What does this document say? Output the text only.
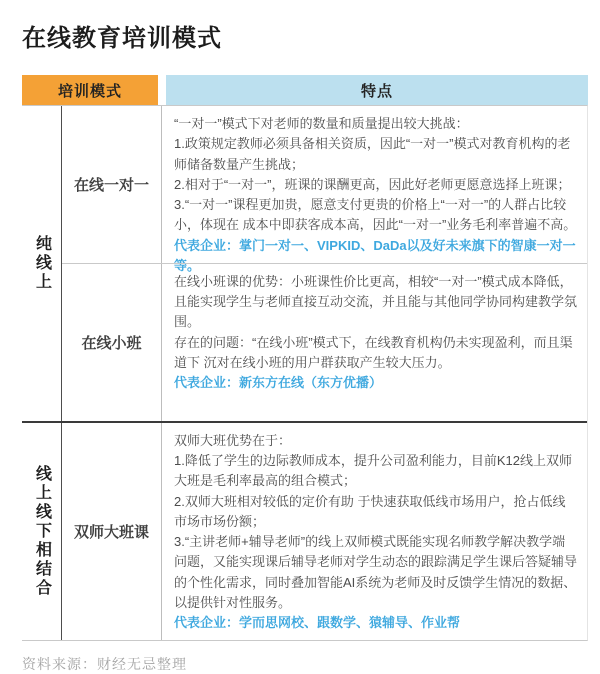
在线教育培训模式
培训模式	特点
纯线上
在线一对一

“一对一”模式下对老师的数量和质量提出较大挑战：

1.政策规定教师必须具备相关资质，因此“一对一”模式对教育机构的老师储备数量产生挑战；

2.相对于“一对一”，班课的课酬更高，因此好老师更愿意选择上班课；

3.“一对一”课程更加贵，愿意支付更贵的价格上“一对一”的人群占比较小，体现在 成本中即获客成本高，因此“一对一”业务毛利率普遍不高。

代表企业：掌门一对一、VIPKID、DaDa以及好未来旗下的智康一对一等。

在线小班

在线小班课的优势：小班课性价比更高，相较“一对一”模式成本降低，且能实现学生与老师直接互动交流，并且能与其他同学协同构建教学氛围。

存在的问题：“在线小班”模式下，在线教育机构仍未实现盈利，而且渠道下 沉对在线小班的用户群获取产生较大压力。

代表企业：新东方在线（东方优播）

线上线下相结合	双师大班课

双师大班优势在于：

1.降低了学生的边际教师成本，提升公司盈利能力，目前K12线上双师大班是毛利率最高的组合模式；

2.双师大班相对较低的定价有助 于快速获取低线市场用户，抢占低线市场市场份额；

3.“主讲老师+辅导老师”的线上双师模式既能实现名师教学解决教学端问题，又能实现课后辅导老师对学生动态的跟踪满足学生课后答疑辅导的个性化需求，同时叠加智能AI系统为老师及时反馈学生情况的数据、以提供针对性服务。

代表企业：学而思网校、跟数学、猿辅导、作业帮

资料来源：财经无忌整理
